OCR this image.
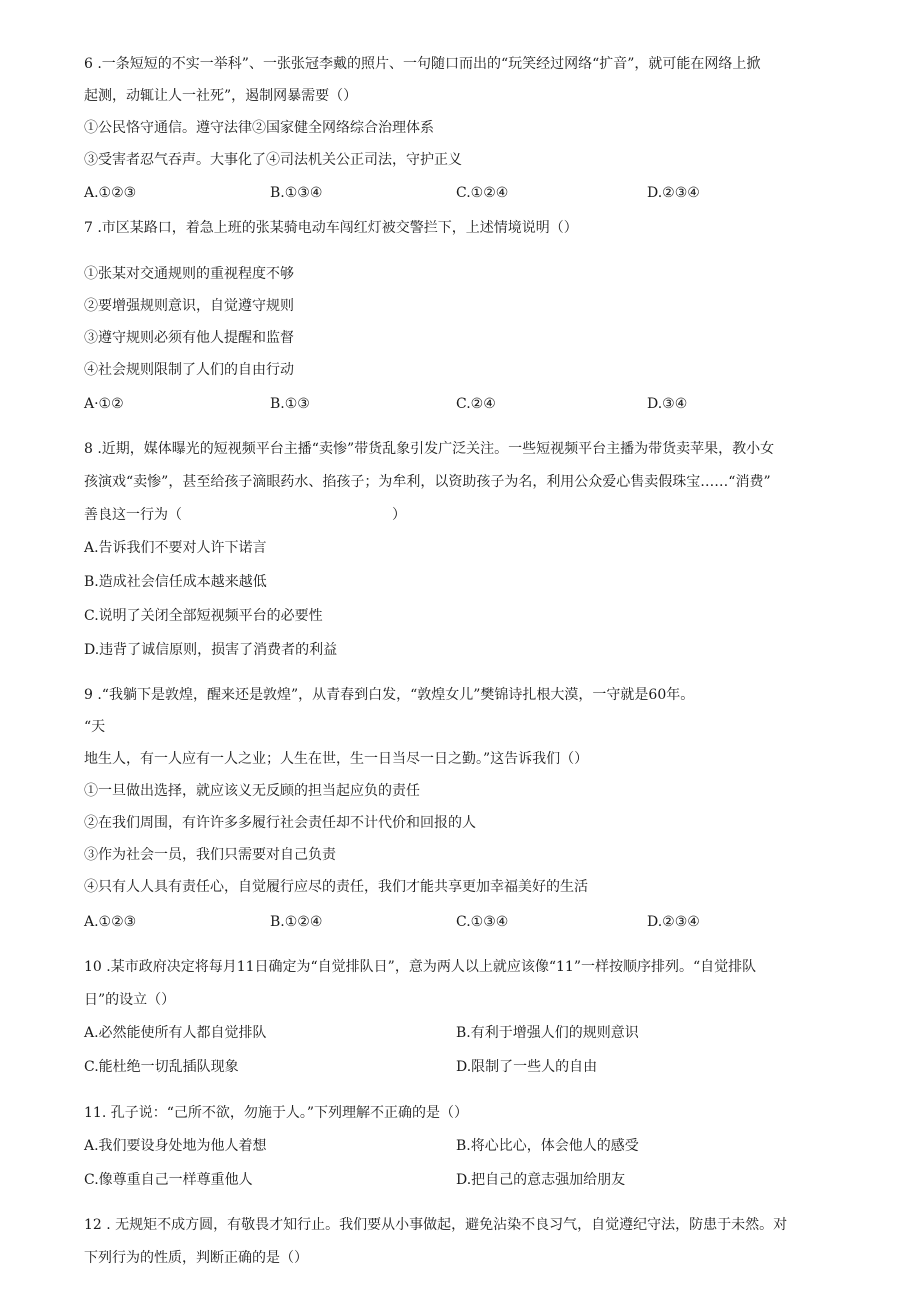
6 .一条短短的不实一举科”、一张张冠李戴的照片、一句随口而出的“玩笑经过网络“扩音”，就可能在网络上掀
起测，动辄让人一社死”，遏制网暴需要（）
①公民恪守通信。遵守法律②国家健全网络综合治理体系
③受害者忍气吞声。大事化了④司法机关公正司法，守护正义
A.①②③	B.①③④	C.①②④	D.②③④
7 .市区某路口，着急上班的张某骑电动车闯红灯被交警拦下，上述情境说明（）
①张某对交通规则的重视程度不够
②要增强规则意识，自觉遵守规则
③遵守规则必须有他人提醒和监督
④社会规则限制了人们的自由行动
A·①②	B.①③	C.②④	D.③④
8 .近期，媒体曝光的短视频平台主播“卖惨”带货乱象引发广泛关注。一些短视频平台主播为带货卖苹果，教小女
孩演戏“卖惨”，甚至给孩子滴眼药水、掐孩子；为牟利，以资助孩子为名，利用公众爱心售卖假珠宝……“消费”
善良这一行为（	）
A.告诉我们不要对人许下诺言
B.造成社会信任成本越来越低
C.说明了关闭全部短视频平台的必要性
D.违背了诚信原则，损害了消费者的利益
9 .“我躺下是敦煌，醒来还是敦煌”，从青春到白发，“敦煌女儿”樊锦诗扎根大漠，一守就是60年。
“天
地生人，有一人应有一人之业；人生在世，生一日当尽一日之勤。”这告诉我们（）
①一旦做出选择，就应该义无反顾的担当起应负的责任
②在我们周围，有许许多多履行社会责任却不计代价和回报的人
③作为社会一员，我们只需要对自己负责
④只有人人具有责任心，自觉履行应尽的责任，我们才能共享更加幸福美好的生活
A.①②③	B.①②④	C.①③④	D.②③④
10 .某市政府决定将每月11日确定为“自觉排队日”，意为两人以上就应该像“11”一样按顺序排列。“自觉排队
日”的设立（）
A.必然能使所有人都自觉排队	B.有利于增强人们的规则意识
C.能杜绝一切乱插队现象	D.限制了一些人的自由
11. 孔子说：“己所不欲，勿施于人。”下列理解不正确的是（）
A.我们要设身处地为他人着想	B.将心比心，体会他人的感受
C.像尊重自己一样尊重他人	D.把自己的意志强加给朋友
12 . 无规矩不成方圆，有敬畏才知行止。我们要从小事做起，避免沾染不良习气，自觉遵纪守法，防患于未然。对
下列行为的性质，判断正确的是（）
